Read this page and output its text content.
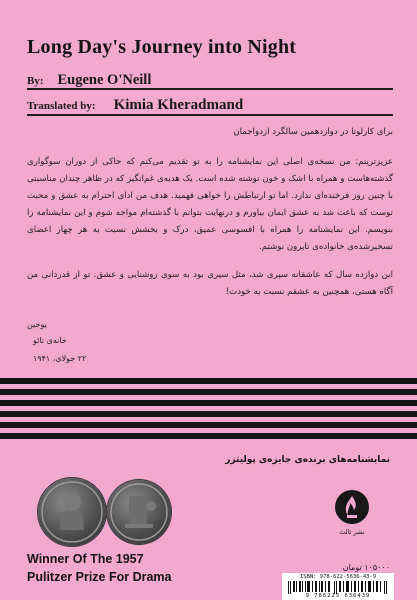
Long Day's Journey into Night
By: Eugene O'Neill
Translated by: Kimia Kheradmand
برای کارلوتا در دوازدهمین سالگرد ازدواجمان
عزیزترینم: من نسخه‌ی اصلی این نمایشنامه را به تو تقدیم می‌کنم که حاکی از دوران سوگواری گذشته‌هاست و همراه با اشک و خون نوشته شده است. یک هدیه‌ی غم‌انگیز که در ظاهر چندان مناسبتی با چنین روز فرخنده‌ای ندارد. اما تو ارتباطش را خواهی فهمید. هدف من ادای احترام به عشق و محبت توست که باعث شد به عشق ایمان بیاورم و درنهایت بتوانم با گذشته‌ام مواجه شوم و این نمایشنامه را بنویسم. این نمایشنامه را همراه با افسوسی عمیق، درک و بخشش نسبت به هر چهار اعضای تسخیرشده‌ی خانواده‌ی تایرون نوشتم.
این دوازده سال که عاشقانه سپری شد، مثل سیری بود به سوی روشنایی و عشق. تو از قدردانی من آگاه هستی، همچنین به عشقم نسبت به خودت!
یوجین
خانه‌ی تائو
۲۲ جولای، ۱۹۴۱
نمایشنامه‌های برنده‌ی جایزه‌ی پولیتزر
Winner Of The 1957
Pulitzer Prize For Drama
نشر ثالث
۱۰۵۰۰۰ تومان
ISBN: 978-622-5636-43-9
9 786225 636439
